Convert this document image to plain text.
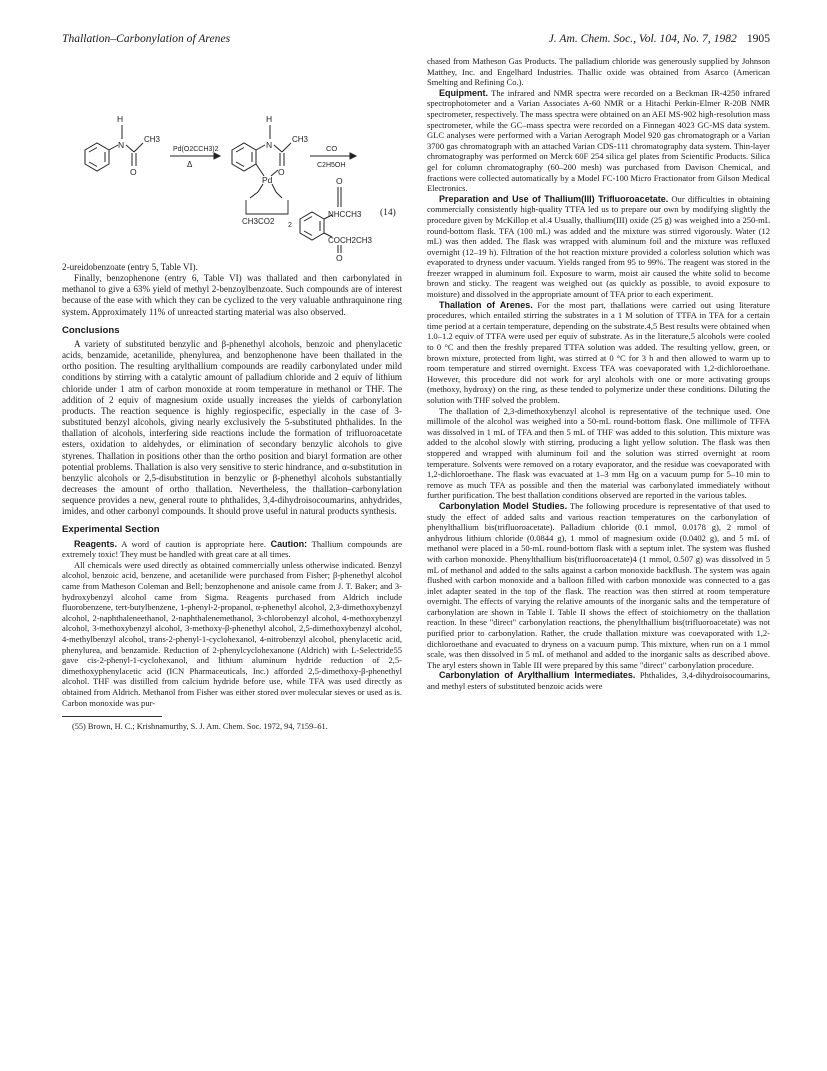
Thallation–Carbonylation of Arenes	J. Am. Chem. Soc., Vol. 104, No. 7, 1982 1905
H
N
CH3
O
Pd(O2CCH3)2
Δ
H
N
CH3
O
Pd
CH3CO2 2
CO
C2H5OH
O
NHCCH3
COCH2CH3
O
(14)

2-ureidobenzoate (entry 5, Table VI).

Finally, benzophenone (entry 6, Table VI) was thallated and then carbonylated in methanol to give a 63% yield of methyl 2-benzoylbenzoate. Such compounds are of interest because of the ease with which they can be cyclized to the very valuable anthraquinone ring system. Approximately 11% of unreacted starting material was also observed.

Conclusions

A variety of substituted benzylic and β-phenethyl alcohols, benzoic and phenylacetic acids, benzamide, acetanilide, phenylurea, and benzophenone have been thallated in the ortho position. The resulting arylthallium compounds are readily carbonylated under mild conditions by stirring with a catalytic amount of palladium chloride and 2 equiv of lithium chloride under 1 atm of carbon monoxide at room temperature in methanol or THF. The addition of 2 equiv of magnesium oxide usually increases the yields of carbonylation products. The reaction sequence is highly regiospecific, especially in the case of 3-substituted benzyl alcohols, giving nearly exclusively the 5-substituted phthalides. In the thallation of alcohols, interfering side reactions include the formation of trifluoroacetate esters, oxidation to aldehydes, or elimination of secondary benzylic alcohols to give styrenes. Thallation in positions other than the ortho position and biaryl formation are other potential problems. Thallation is also very sensitive to steric hindrance, and α-substitution in benzylic alcohols or 2,5-disubstitution in benzylic or β-phenethyl alcohols substantially decreases the amount of ortho thallation. Nevertheless, the thallation–carbonylation sequence provides a new, general route to phthalides, 3,4-dihydroisocoumarins, anhydrides, imides, and other carbonyl compounds. It should prove useful in natural products synthesis.

Experimental Section

Reagents. A word of caution is appropriate here. Caution: Thallium compounds are extremely toxic! They must be handled with great care at all times.

All chemicals were used directly as obtained commercially unless otherwise indicated. Benzyl alcohol, benzoic acid, benzene, and acetanilide were purchased from Fisher; β-phenethyl alcohol came from Matheson Coleman and Bell; benzophenone and anisole came from J. T. Baker; and 3-hydroxybenzyl alcohol came from Sigma. Reagents purchased from Aldrich include fluorobenzene, tert-butylbenzene, 1-phenyl-2-propanol, α-phenethyl alcohol, 2,3-dimethoxybenzyl alcohol, 2-naphthaleneethanol, 2-naphthalenemethanol, 3-chlorobenzyl alcohol, 4-methoxybenzyl alcohol, 3-methoxybenzyl alcohol, 3-methoxy-β-phenethyl alcohol, 2,5-dimethoxybenzyl alcohol, 4-methylbenzyl alcohol, trans-2-phenyl-1-cyclohexanol, 4-nitrobenzyl alcohol, phenylacetic acid, phenylurea, and benzamide. Reduction of 2-phenylcyclohexanone (Aldrich) with L-Selectride55 gave cis-2-phenyl-1-cyclohexanol, and lithium aluminum hydride reduction of 2,5-dimethoxyphenylacetic acid (ICN Pharmaceuticals, Inc.) afforded 2,5-dimethoxy-β-phenethyl alcohol. THF was distilled from calcium hydride before use, while TFA was used directly as obtained from Aldrich. Methanol from Fisher was either stored over molecular sieves or used as is. Carbon monoxide was pur-

(55) Brown, H. C.; Krishnamurthy, S. J. Am. Chem. Soc. 1972, 94, 7159–61.

chased from Matheson Gas Products. The palladium chloride was generously supplied by Johnson Matthey, Inc. and Engelhard Industries. Thallic oxide was obtained from Asarco (American Smelting and Refining Co.).

Equipment. The infrared and NMR spectra were recorded on a Beckman IR-4250 infrared spectrophotometer and a Varian Associates A-60 NMR or a Hitachi Perkin-Elmer R-20B NMR spectrometer, respectively. The mass spectra were obtained on an AEI MS-902 high-resolution mass spectrometer, while the GC–mass spectra were recorded on a Finnegan 4023 GC-MS data system. GLC analyses were performed with a Varian Aerograph Model 920 gas chromatograph or a Varian 3700 gas chromatograph with an attached Varian CDS-111 chromatography data system. Thin-layer chromatography was performed on Merck 60F 254 silica gel plates from Scientific Products. Silica gel for column chromatography (60–200 mesh) was purchased from Davison Chemical, and fractions were collected automatically by a Model FC-100 Micro Fractionator from Gilson Medical Electronics.

Preparation and Use of Thallium(III) Trifluoroacetate. Our difficulties in obtaining commercially consistently high-quality TTFA led us to prepare our own by modifying slightly the procedure given by McKillop et al.4 Usually, thallium(III) oxide (25 g) was weighed into a 250-mL round-bottom flask. TFA (100 mL) was added and the mixture was stirred vigorously. Water (12 mL) was then added. The flask was wrapped with aluminum foil and the mixture was refluxed overnight (12–19 h). Filtration of the hot reaction mixture provided a colorless solution which was evaporated to dryness under vacuum. Yields ranged from 95 to 99%. The reagent was stored in the freezer wrapped in aluminum foil. Exposure to warm, moist air caused the white solid to become brown and sticky. The reagent was weighed out (as quickly as possible, to avoid exposure to moisture) and dissolved in the appropriate amount of TFA prior to each experiment.

Thallation of Arenes. For the most part, thallations were carried out using literature procedures, which entailed stirring the substrates in a 1 M solution of TTFA in TFA for a certain time period at a certain temperature, depending on the substrate.4,5 Best results were obtained when 1.0–1.2 equiv of TTFA were used per equiv of substrate. As in the literature,5 alcohols were cooled to 0 °C and then the freshly prepared TTFA solution was added. The resulting yellow, green, or brown mixture, protected from light, was stirred at 0 °C for 3 h and then allowed to warm up to room temperature and stirred overnight. Excess TFA was coevaporated with 1,2-dichloroethane. However, this procedure did not work for aryl alcohols with one or more activating groups (methoxy, hydroxy) on the ring, as these tended to polymerize under these conditions. Diluting the solution with THF solved the problem.

The thallation of 2,3-dimethoxybenzyl alcohol is representative of the technique used. One millimole of the alcohol was weighed into a 50-mL round-bottom flask. One millimole of TFFA was dissolved in 1 mL of TFA and then 5 mL of THF was added to this solution. This mixture was added to the alcohol slowly with stirring, producing a light yellow solution. The flask was then stoppered and wrapped with aluminum foil and the solution was stirred overnight at room temperature. Solvents were removed on a rotary evaporator, and the residue was coevaporated with 1,2-dichloroethane. The flask was evacuated at 1–3 mm Hg on a vacuum pump for 5–10 min to remove as much TFA as possible and then the material was carbonylated immediately without further purification. The best thallation conditions observed are reported in the various tables.

Carbonylation Model Studies. The following procedure is representative of that used to study the effect of added salts and various reaction temperatures on the carbonylation of phenylthallium bis(trifluoroacetate). Palladium chloride (0.1 mmol, 0.0178 g), 2 mmol of anhydrous lithium chloride (0.0844 g), 1 mmol of magnesium oxide (0.0402 g), and 5 mL of methanol were placed in a 50-mL round-bottom flask with a septum inlet. The system was flushed with carbon monoxide. Phenylthallium bis(trifluoroacetate)4 (1 mmol, 0.507 g) was dissolved in 5 mL of methanol and added to the salts against a carbon monoxide backflush. The system was again flushed with carbon monoxide and a balloon filled with carbon monoxide was connected to a gas inlet adapter seated in the top of the flask. The reaction was then stirred at room temperature overnight. The effects of varying the relative amounts of the inorganic salts and the temperature of carbonylation are shown in Table I. Table II shows the effect of stoichiometry on the thallation reaction. In these "direct" carbonylation reactions, the phenylthallium bis(trifluoroacetate) was not purified prior to carbonylation. Rather, the crude thallation mixture was coevaporated with 1,2-dichloroethane and evacuated to dryness on a vacuum pump. This mixture, when run on a 1 mmol scale, was then dissolved in 5 mL of methanol and added to the inorganic salts as described above. The aryl esters shown in Table III were prepared by this same "direct" carbonylation procedure.

Carbonylation of Arylthallium Intermediates. Phthalides, 3,4-dihydroisocoumarins, and methyl esters of substituted benzoic acids were
